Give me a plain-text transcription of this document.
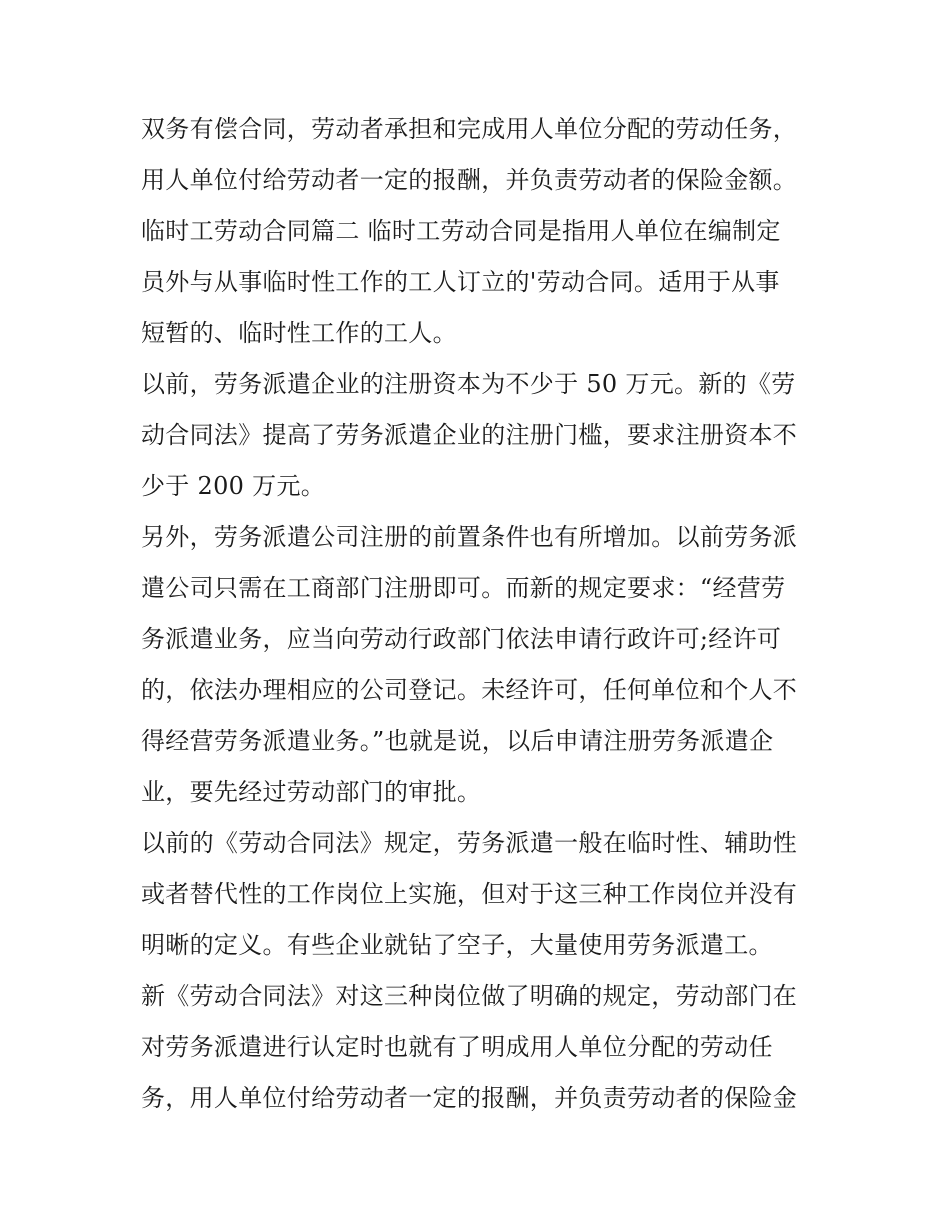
双务有偿合同，劳动者承担和完成用人单位分配的劳动任务，
用人单位付给劳动者一定的报酬，并负责劳动者的保险金额。
临时工劳动合同篇二 临时工劳动合同是指用人单位在编制定
员外与从事临时性工作的工人订立的'劳动合同。适用于从事
短暂的、临时性工作的工人。
以前，劳务派遣企业的注册资本为不少于 50 万元。新的《劳
动合同法》提高了劳务派遣企业的注册门槛，要求注册资本不
少于 200 万元。
另外，劳务派遣公司注册的前置条件也有所增加。以前劳务派
遣公司只需在工商部门注册即可。而新的规定要求：“经营劳
务派遣业务，应当向劳动行政部门依法申请行政许可;经许可
的，依法办理相应的公司登记。未经许可，任何单位和个人不
得经营劳务派遣业务。”也就是说，以后申请注册劳务派遣企
业，要先经过劳动部门的审批。
以前的《劳动合同法》规定，劳务派遣一般在临时性、辅助性
或者替代性的工作岗位上实施，但对于这三种工作岗位并没有
明晰的定义。有些企业就钻了空子，大量使用劳务派遣工。
新《劳动合同法》对这三种岗位做了明确的规定，劳动部门在
对劳务派遣进行认定时也就有了明成用人单位分配的劳动任
务，用人单位付给劳动者一定的报酬，并负责劳动者的保险金
